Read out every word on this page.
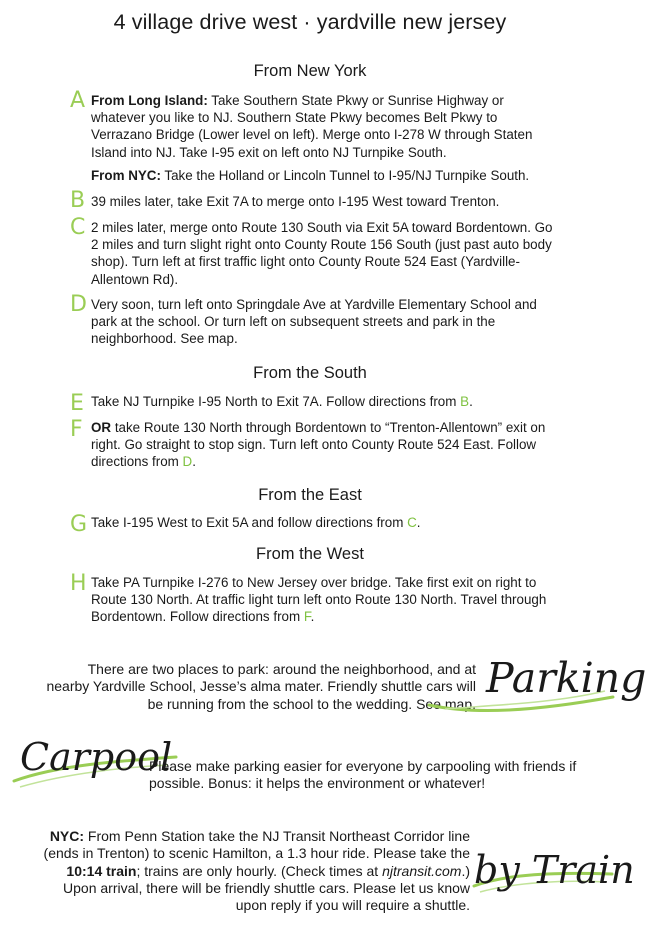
4 village drive west · yardville new jersey
From New York
A From Long Island: Take Southern State Pkwy or Sunrise Highway or whatever you like to NJ. Southern State Pkwy becomes Belt Pkwy to Verrazano Bridge (Lower level on left). Merge onto I-278 W through Staten Island into NJ. Take I-95 exit on left onto NJ Turnpike South.
From NYC: Take the Holland or Lincoln Tunnel to I-95/NJ Turnpike South.
B 39 miles later, take Exit 7A to merge onto I-195 West toward Trenton.
C 2 miles later, merge onto Route 130 South via Exit 5A toward Bordentown. Go 2 miles and turn slight right onto County Route 156 South (just past auto body shop). Turn left at first traffic light onto County Route 524 East (Yardville-Allentown Rd).
D Very soon, turn left onto Springdale Ave at Yardville Elementary School and park at the school. Or turn left on subsequent streets and park in the neighborhood. See map.
From the South
E Take NJ Turnpike I-95 North to Exit 7A. Follow directions from B.
F OR take Route 130 North through Bordentown to “Trenton-Allentown” exit on right. Go straight to stop sign. Turn left onto County Route 524 East. Follow directions from D.
From the East
G Take I-195 West to Exit 5A and follow directions from C.
From the West
H Take PA Turnpike I-276 to New Jersey over bridge. Take first exit on right to Route 130 North. At traffic light turn left onto Route 130 North. Travel through Bordentown. Follow directions from F.
There are two places to park: around the neighborhood, and at nearby Yardville School, Jesse’s alma mater. Friendly shuttle cars will be running from the school to the wedding. See map.
Parking
Carpool
Please make parking easier for everyone by carpooling with friends if possible. Bonus: it helps the environment or whatever!
NYC: From Penn Station take the NJ Transit Northeast Corridor line (ends in Trenton) to scenic Hamilton, a 1.3 hour ride. Please take the 10:14 train; trains are only hourly. (Check times at njtransit.com.) Upon arrival, there will be friendly shuttle cars. Please let us know upon reply if you will require a shuttle.
by Train
